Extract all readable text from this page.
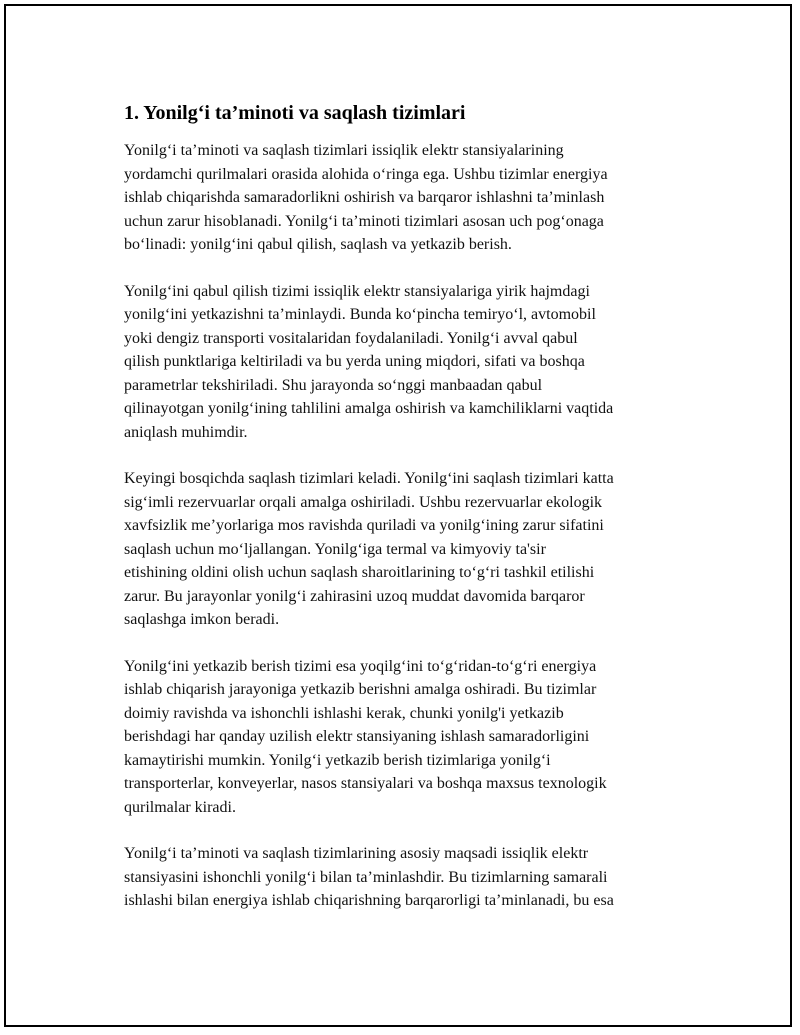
1. Yonilg‘i ta’minoti va saqlash tizimlari

Yonilg‘i ta’minoti va saqlash tizimlari issiqlik elektr stansiyalarining
yordamchi qurilmalari orasida alohida o‘ringa ega. Ushbu tizimlar energiya
ishlab chiqarishda samaradorlikni oshirish va barqaror ishlashni ta’minlash
uchun zarur hisoblanadi. Yonilg‘i ta’minoti tizimlari asosan uch pog‘onaga
bo‘linadi: yonilg‘ini qabul qilish, saqlash va yetkazib berish.

Yonilg‘ini qabul qilish tizimi issiqlik elektr stansiyalariga yirik hajmdagi
yonilg‘ini yetkazishni ta’minlaydi. Bunda ko‘pincha temiryo‘l, avtomobil
yoki dengiz transporti vositalaridan foydalaniladi. Yonilg‘i avval qabul
qilish punktlariga keltiriladi va bu yerda uning miqdori, sifati va boshqa
parametrlar tekshiriladi. Shu jarayonda so‘nggi manbaadan qabul
qilinayotgan yonilg‘ining tahlilini amalga oshirish va kamchiliklarni vaqtida
aniqlash muhimdir.

Keyingi bosqichda saqlash tizimlari keladi. Yonilg‘ini saqlash tizimlari katta
sig‘imli rezervuarlar orqali amalga oshiriladi. Ushbu rezervuarlar ekologik
xavfsizlik me’yorlariga mos ravishda quriladi va yonilg‘ining zarur sifatini
saqlash uchun mo‘ljallangan. Yonilg‘iga termal va kimyoviy ta'sir
etishining oldini olish uchun saqlash sharoitlarining to‘g‘ri tashkil etilishi
zarur. Bu jarayonlar yonilg‘i zahirasini uzoq muddat davomida barqaror
saqlashga imkon beradi.

Yonilg‘ini yetkazib berish tizimi esa yoqilg‘ini to‘g‘ridan-to‘g‘ri energiya
ishlab chiqarish jarayoniga yetkazib berishni amalga oshiradi. Bu tizimlar
doimiy ravishda va ishonchli ishlashi kerak, chunki yonilg'i yetkazib
berishdagi har qanday uzilish elektr stansiyaning ishlash samaradorligini
kamaytirishi mumkin. Yonilg‘i yetkazib berish tizimlariga yonilg‘i
transporterlar, konveyerlar, nasos stansiyalari va boshqa maxsus texnologik
qurilmalar kiradi.

Yonilg‘i ta’minoti va saqlash tizimlarining asosiy maqsadi issiqlik elektr
stansiyasini ishonchli yonilg‘i bilan ta’minlashdir. Bu tizimlarning samarali
ishlashi bilan energiya ishlab chiqarishning barqarorligi ta’minlanadi, bu esa
